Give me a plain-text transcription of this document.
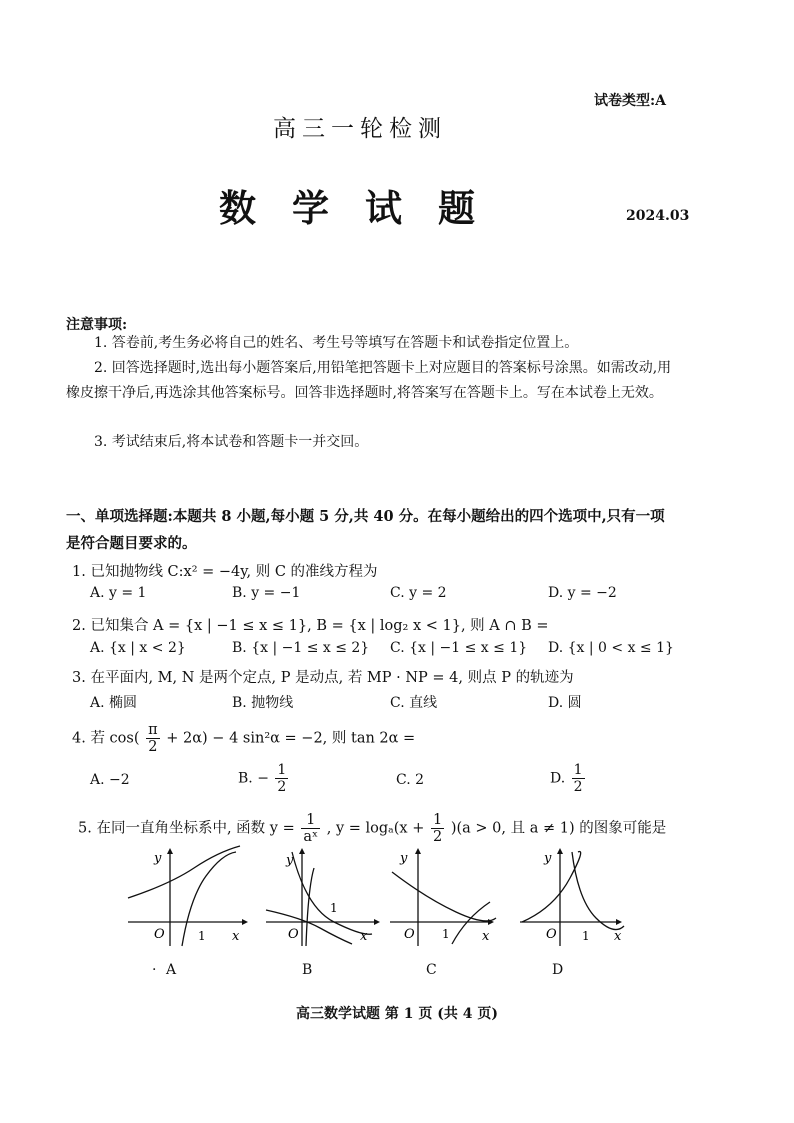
试卷类型:A
高三一轮检测
数学试题	2024.03
注意事项:
1. 答卷前,考生务必将自己的姓名、考生号等填写在答题卡和试卷指定位置上。
2. 回答选择题时,选出每小题答案后,用铅笔把答题卡上对应题目的答案标号涂黑。如需改动,用橡皮擦干净后,再选涂其他答案标号。回答非选择题时,将答案写在答题卡上。写在本试卷上无效。
3. 考试结束后,将本试卷和答题卡一并交回。
一、单项选择题:本题共 8 小题,每小题 5 分,共 40 分。在每小题给出的四个选项中,只有一项是符合题目要求的。
1. 已知抛物线 C:x² = −4y, 则 C 的准线方程为
A. y = 1	B. y = −1	C. y = 2	D. y = −2
2. 已知集合 A = {x | −1 ≤ x ≤ 1}, B = {x | log₂ x < 1}, 则 A ∩ B =
A. {x | x < 2}	B. {x | −1 ≤ x ≤ 2} C. {x | −1 ≤ x ≤ 1} D. {x | 0 < x ≤ 1}
3. 在平面内, M, N 是两个定点, P 是动点, 若 MP · NP = 4, 则点 P 的轨迹为
A. 椭圆	B. 抛物线	C. 直线	D. 圆
4. 若 $\cos( \frac{\pi}{2} + 2\alpha) - 4$ sin²α = −2, 则 tan 2α =
A. −2	B. − $\frac{1}{2}$	C. 2	D. $\frac{1}{2}$
5. 在同一直角坐标系中, 函数 $y = \frac{1}{\text{aˣ}}$ , $y = \log_a(x + \frac{1}{2} )(a > 0$, 且 a ≠ 1) 的图象可能是
O	1 x
y
O
1
x
y
O 1 x
y
O 1 x
y
· A	B	C	D
高三数学试题 第 1 页 (共 4 页)
